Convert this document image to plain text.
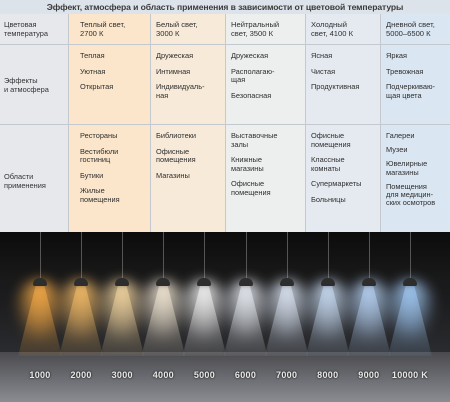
Эффект, атмосфера и область применения в зависимости от цветовой температуры
Цветовая
температура
Эффекты
и атмосфера
Области
применения
Теплый свет,
2700 К
Теплая
Уютная
Открытая
Рестораны
Вестибюли
гостиниц
Бутики
Жилые
помещения
Белый свет,
3000 К
Дружеская
Интимная
Индивидуаль-
ная
Библиотеки
Офисные
помещения
Магазины
Нейтральный
свет, 3500 К
Дружеская
Располагаю-
щая
Безопасная
Выставочные
залы
Книжные
магазины
Офисные
помещения
Холодный
свет, 4100 К
Ясная
Чистая
Продуктивная
Офисные
помещения
Классные
комнаты
Супермаркеты
Больницы
Дневной свет,
5000–6500 К
Яркая
Тревожная
Подчеркиваю-
щая цвета
Галереи
Музеи
Ювелирные
магазины
Помещения
для медицин-
ских осмотров
1000 2000 3000 4000 5000 6000 7000 8000 9000 10000 K
